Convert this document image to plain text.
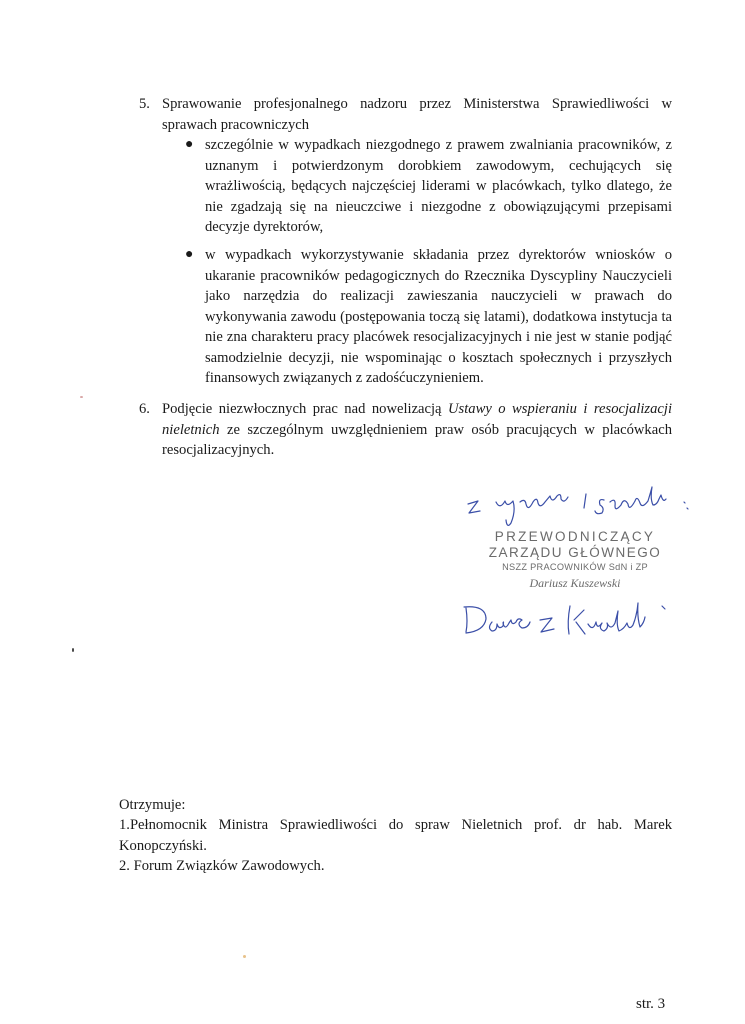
5. Sprawowanie profesjonalnego nadzoru przez Ministerstwa Sprawiedliwości w sprawach pracowniczych
● szczególnie w wypadkach niezgodnego z prawem zwalniania pracowników, z uznanym i potwierdzonym dorobkiem zawodowym, cechujących się wrażliwością, będących najczęściej liderami w placówkach, tylko dlatego, że nie zgadzają się na nieuczciwe i niezgodne z obowiązującymi przepisami decyzje dyrektorów,
● w wypadkach wykorzystywanie składania przez dyrektorów wniosków o ukaranie pracowników pedagogicznych do Rzecznika Dyscypliny Nauczycieli jako narzędzia do realizacji zawieszania nauczycieli w prawach do wykonywania zawodu (postępowania toczą się latami), dodatkowa instytucja ta nie zna charakteru pracy placówek resocjalizacyjnych i nie jest w stanie podjąć samodzielnie decyzji, nie wspominając o kosztach społecznych i przyszłych finansowych związanych z zadośćuczynieniem.
6. Podjęcie niezwłocznych prac nad nowelizacją Ustawy o wspieraniu i resocjalizacji nieletnich ze szczególnym uwzględnieniem praw osób pracujących w placówkach resocjalizacyjnych.
PRZEWODNICZĄCY
ZARZĄDU GŁÓWNEGO
NSZZ PRACOWNIKÓW SdN i ZP
Dariusz Kuszewski
Otrzymuje:
1.Pełnomocnik Ministra Sprawiedliwości do spraw Nieletnich prof. dr hab. Marek Konopczyński.
2. Forum Związków Zawodowych.
str. 3
